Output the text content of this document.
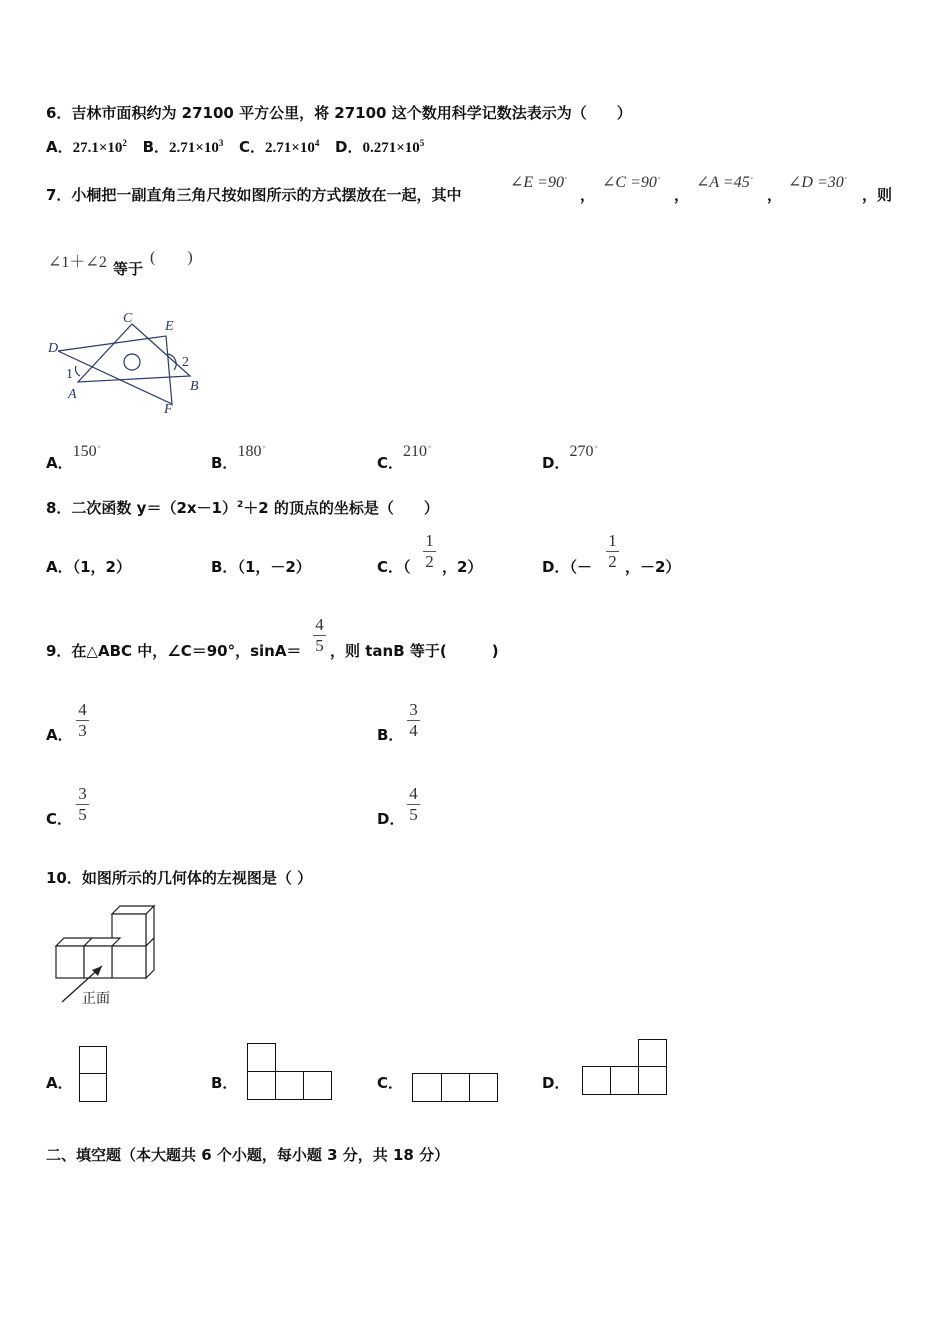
6．吉林市面积约为 27100 平方公里，将 27100 这个数用科学记数法表示为（　　）
A．$27.1\times 10^2$ B．$2.71\times 10^3$ C．$2.71\times 10^4$ D．$0.271\times 10^5$
7．小桐把一副直角三角尺按如图所示的方式摆放在一起，其中
∠E =90∘
，
∠C =90∘
，
∠A =45∘
，
∠D =30∘
，则
∠1＋∠2 等于
(　　)
C
E
D
2
1
A
B
F
A．150∘
B．180∘
C．210∘
D．270∘
8．二次函数 $y=(2x-1)^2+2$ 的顶点的坐标是（　　）
A．（1，2）	B．（1，－2）	C．（
1
2 ，2）	D．（－
1
2 ，－2）
9．在△ABC 中，∠C＝90°，sinA＝
4
5 ，则 tanB 等于(　　　)
A．
4
3	B．
3
4
C．
3
5	D．
4
5
10．如图所示的几何体的左视图是（ ）
正面
A．	B．	C．	D．
二、填空题（本大题共 6 个小题，每小题 3 分，共 18 分）
